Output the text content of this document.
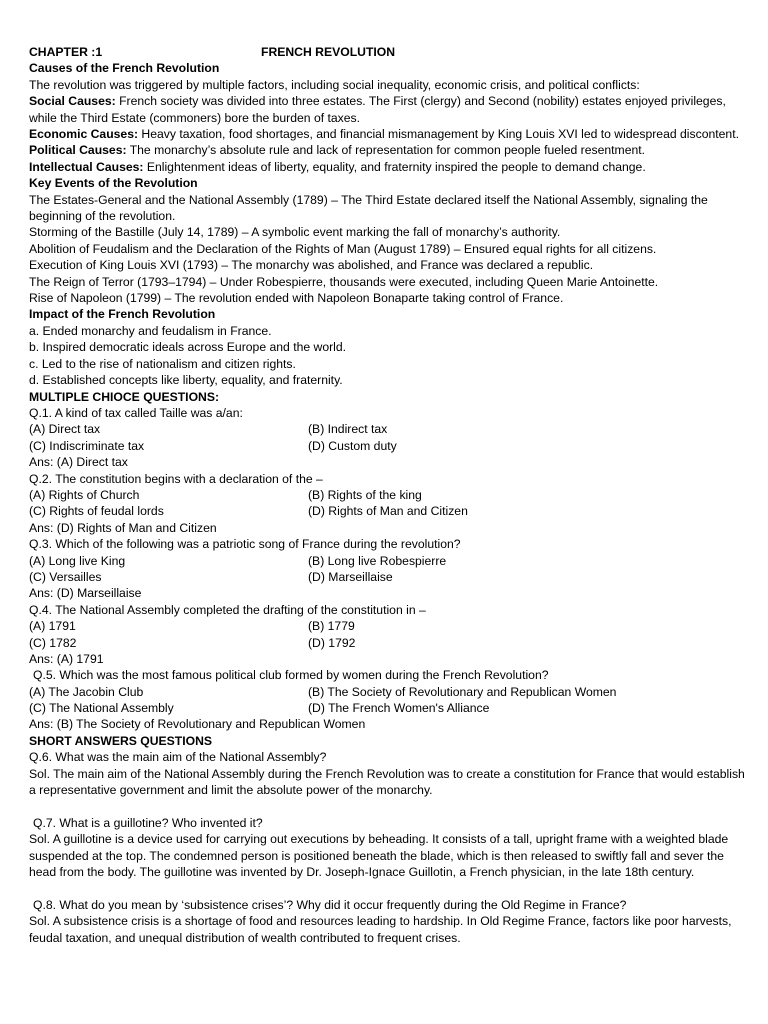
CHAPTER :1	FRENCH REVOLUTION
Causes of the French Revolution
The revolution was triggered by multiple factors, including social inequality, economic crisis, and political conflicts:
Social Causes: French society was divided into three estates. The First (clergy) and Second (nobility) estates enjoyed privileges, while the Third Estate (commoners) bore the burden of taxes.
Economic Causes: Heavy taxation, food shortages, and financial mismanagement by King Louis XVI led to widespread discontent.
Political Causes: The monarchy’s absolute rule and lack of representation for common people fueled resentment.
Intellectual Causes: Enlightenment ideas of liberty, equality, and fraternity inspired the people to demand change.
Key Events of the Revolution
The Estates-General and the National Assembly (1789) – The Third Estate declared itself the National Assembly, signaling the beginning of the revolution.
Storming of the Bastille (July 14, 1789) – A symbolic event marking the fall of monarchy’s authority.
Abolition of Feudalism and the Declaration of the Rights of Man (August 1789) – Ensured equal rights for all citizens.
Execution of King Louis XVI (1793) – The monarchy was abolished, and France was declared a republic.
The Reign of Terror (1793–1794) – Under Robespierre, thousands were executed, including Queen Marie Antoinette.
Rise of Napoleon (1799) – The revolution ended with Napoleon Bonaparte taking control of France.
Impact of the French Revolution
a. Ended monarchy and feudalism in France.
b. Inspired democratic ideals across Europe and the world.
c. Led to the rise of nationalism and citizen rights.
d. Established concepts like liberty, equality, and fraternity.
MULTIPLE CHIOCE QUESTIONS:
Q.1. A kind of tax called Taille was a/an:
(A) Direct tax	(B) Indirect tax
(C) Indiscriminate tax	(D) Custom duty
Ans: (A) Direct tax
Q.2. The constitution begins with a declaration of the –
(A) Rights of Church	(B) Rights of the king
(C) Rights of feudal lords	(D) Rights of Man and Citizen
Ans: (D) Rights of Man and Citizen
Q.3. Which of the following was a patriotic song of France during the revolution?
(A) Long live King	(B) Long live Robespierre
(C) Versailles	(D) Marseillaise
Ans: (D) Marseillaise
Q.4. The National Assembly completed the drafting of the constitution in –
(A) 1791	(B) 1779
(C) 1782	(D) 1792
Ans: (A) 1791
Q.5. Which was the most famous political club formed by women during the French Revolution?
(A) The Jacobin Club	(B) The Society of Revolutionary and Republican Women
(C) The National Assembly	(D) The French Women's Alliance
Ans: (B) The Society of Revolutionary and Republican Women
SHORT ANSWERS QUESTIONS
Q.6. What was the main aim of the National Assembly?
Sol. The main aim of the National Assembly during the French Revolution was to create a constitution for France that would establish a representative government and limit the absolute power of the monarchy.
Q.7. What is a guillotine? Who invented it?
Sol. A guillotine is a device used for carrying out executions by beheading. It consists of a tall, upright frame with a weighted blade suspended at the top. The condemned person is positioned beneath the blade, which is then released to swiftly fall and sever the head from the body. The guillotine was invented by Dr. Joseph-Ignace Guillotin, a French physician, in the late 18th century.
Q.8. What do you mean by ‘subsistence crises’? Why did it occur frequently during the Old Regime in France?
Sol. A subsistence crisis is a shortage of food and resources leading to hardship. In Old Regime France, factors like poor harvests, feudal taxation, and unequal distribution of wealth contributed to frequent crises.
